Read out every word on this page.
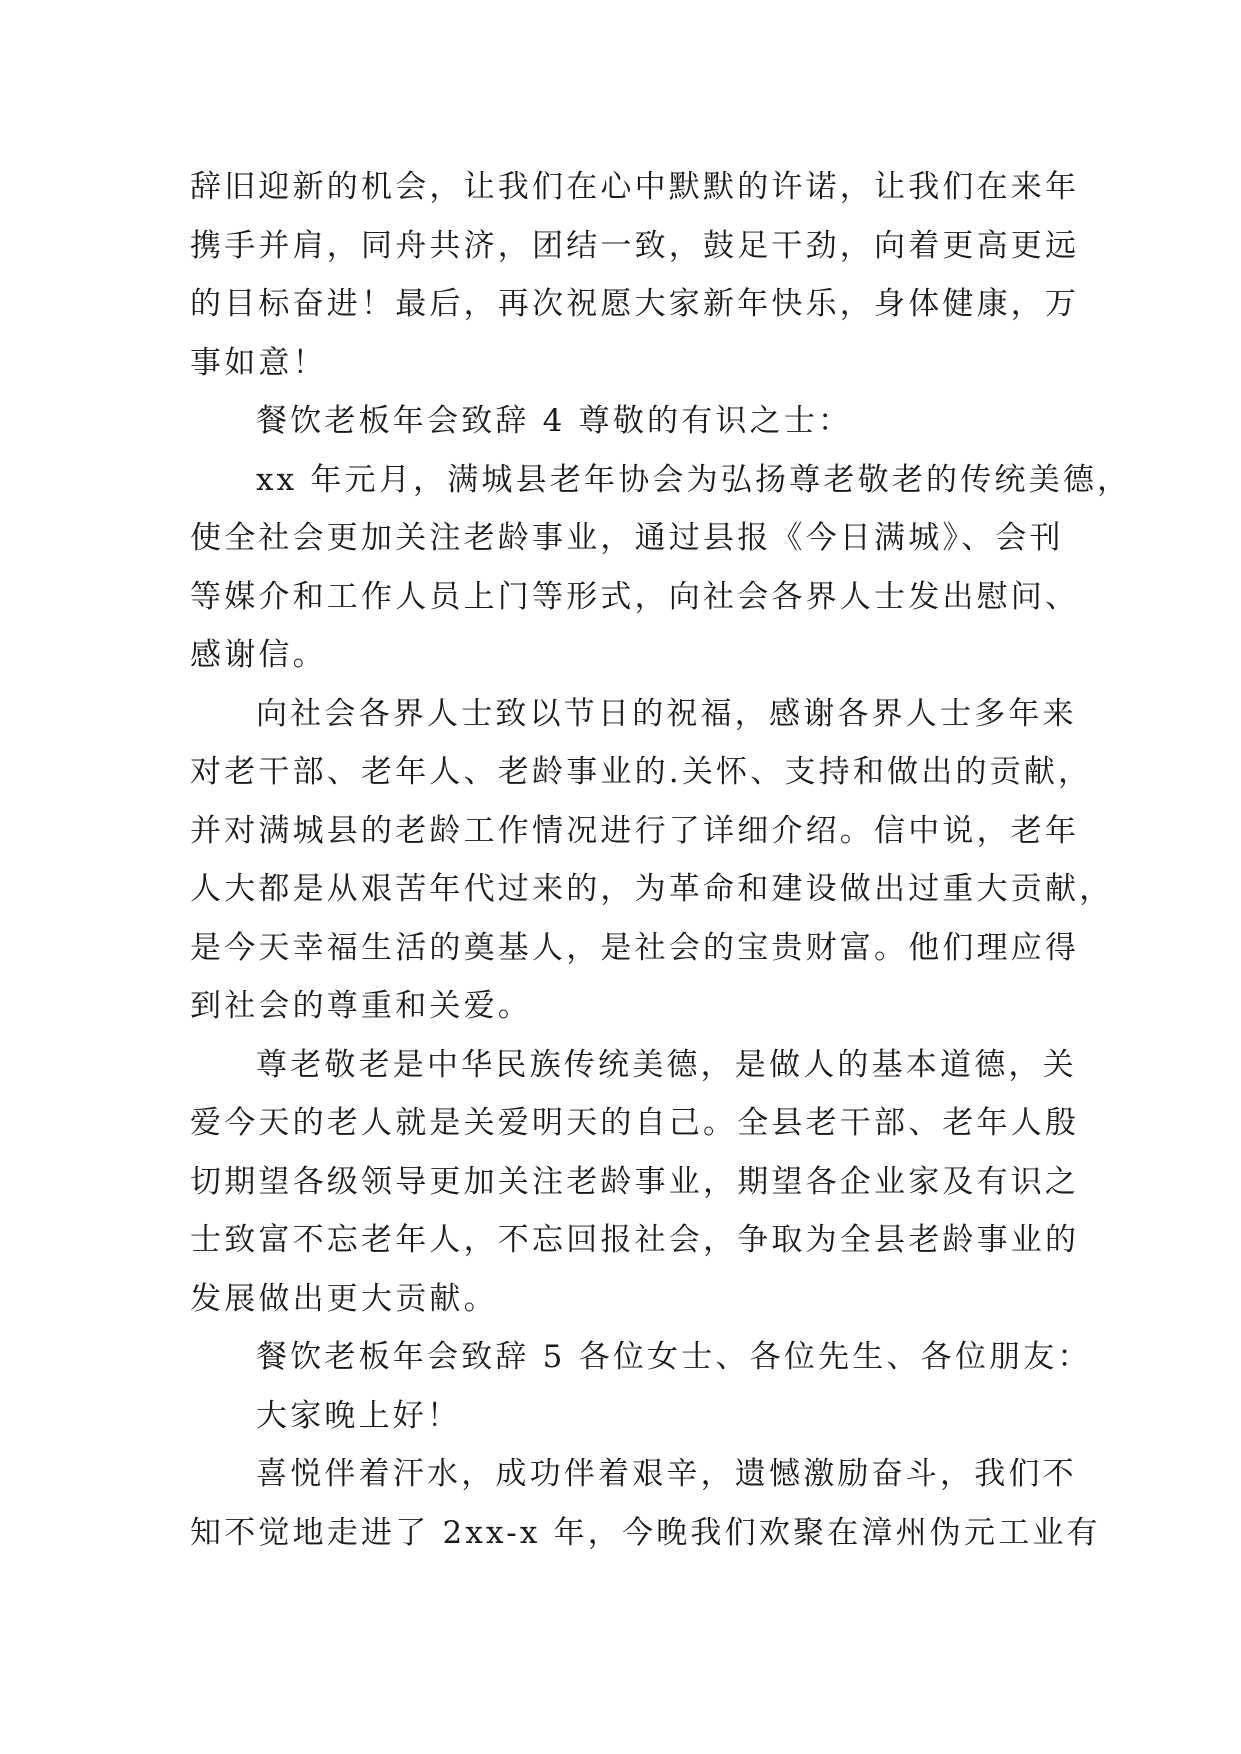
辞旧迎新的机会，让我们在心中默默的许诺，让我们在来年
携手并肩，同舟共济，团结一致，鼓足干劲，向着更高更远
的目标奋进！最后，再次祝愿大家新年快乐，身体健康，万
事如意！
餐饮老板年会致辞 4 尊敬的有识之士：
xx 年元月，满城县老年协会为弘扬尊老敬老的传统美德，
使全社会更加关注老龄事业，通过县报《今日满城》、会刊
等媒介和工作人员上门等形式，向社会各界人士发出慰问、
感谢信。
向社会各界人士致以节日的祝福，感谢各界人士多年来
对老干部、老年人、老龄事业的.关怀、支持和做出的贡献，
并对满城县的老龄工作情况进行了详细介绍。信中说，老年
人大都是从艰苦年代过来的，为革命和建设做出过重大贡献，
是今天幸福生活的奠基人，是社会的宝贵财富。他们理应得
到社会的尊重和关爱。
尊老敬老是中华民族传统美德，是做人的基本道德，关
爱今天的老人就是关爱明天的自己。全县老干部、老年人殷
切期望各级领导更加关注老龄事业，期望各企业家及有识之
士致富不忘老年人，不忘回报社会，争取为全县老龄事业的
发展做出更大贡献。
餐饮老板年会致辞 5 各位女士、各位先生、各位朋友：
大家晚上好！
喜悦伴着汗水，成功伴着艰辛，遗憾激励奋斗，我们不
知不觉地走进了 2xx-x 年，今晚我们欢聚在漳州伪元工业有
